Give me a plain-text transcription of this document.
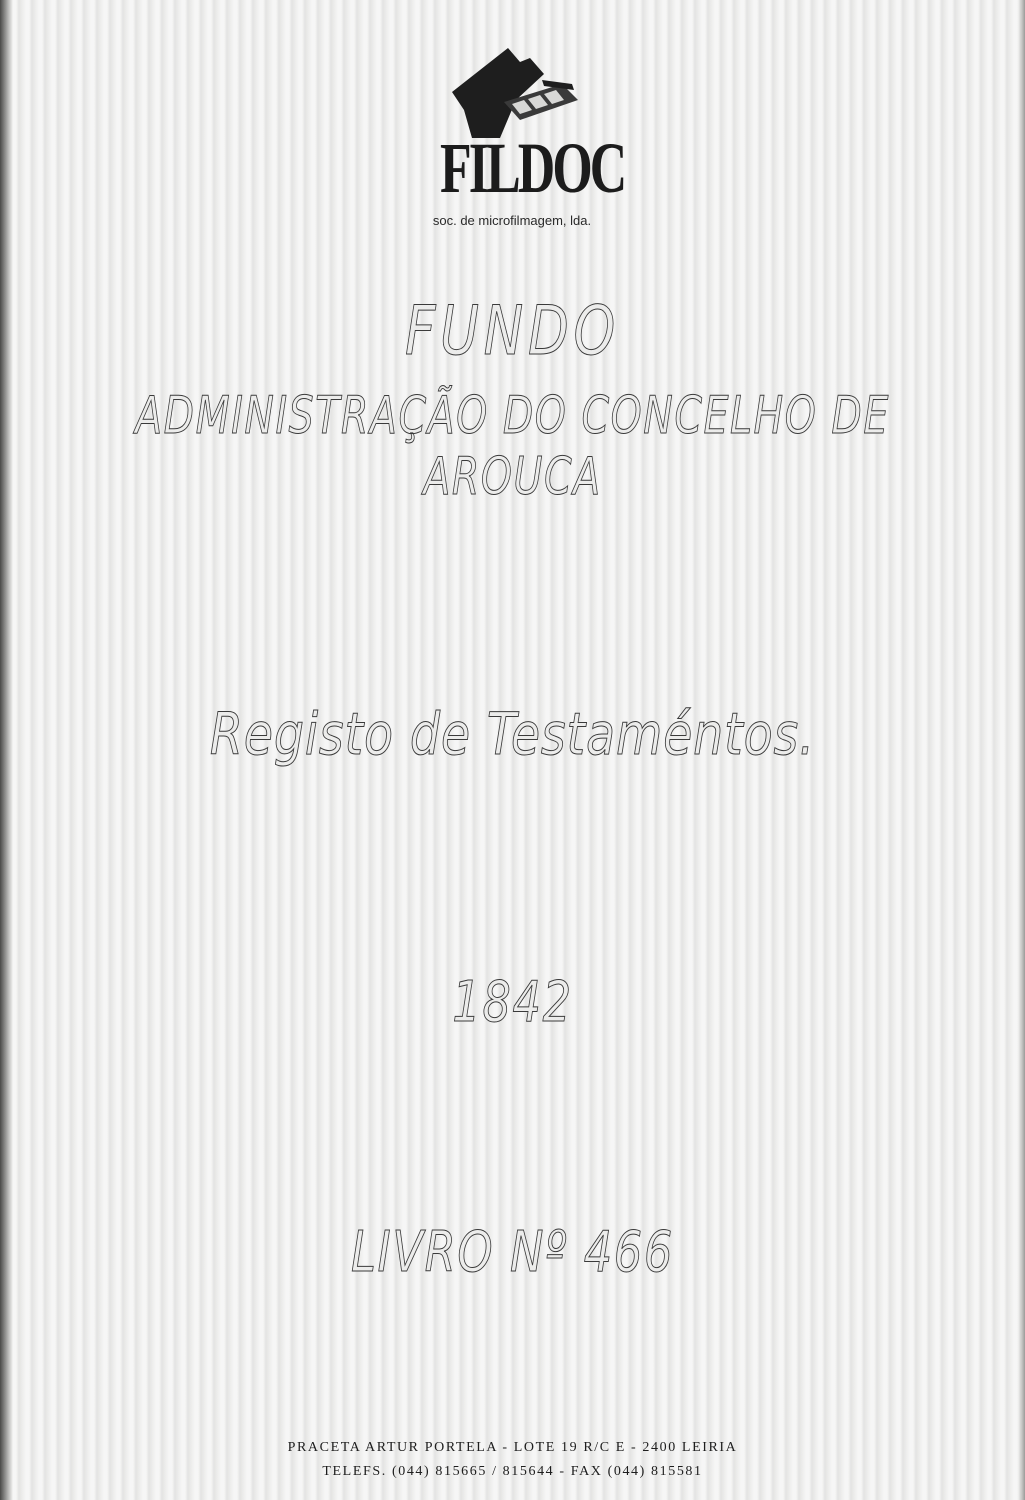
FILDOC
soc. de microfilmagem, lda.
FUNDO
ADMINISTRAÇÃO DO CONCELHO DE
AROUCA
Registo de Testaméntos.
1842
LIVRO Nº 466
PRACETA ARTUR PORTELA - LOTE 19 R/C E - 2400 LEIRIA
TELEFS. (044) 815665 / 815644 - FAX (044) 815581
